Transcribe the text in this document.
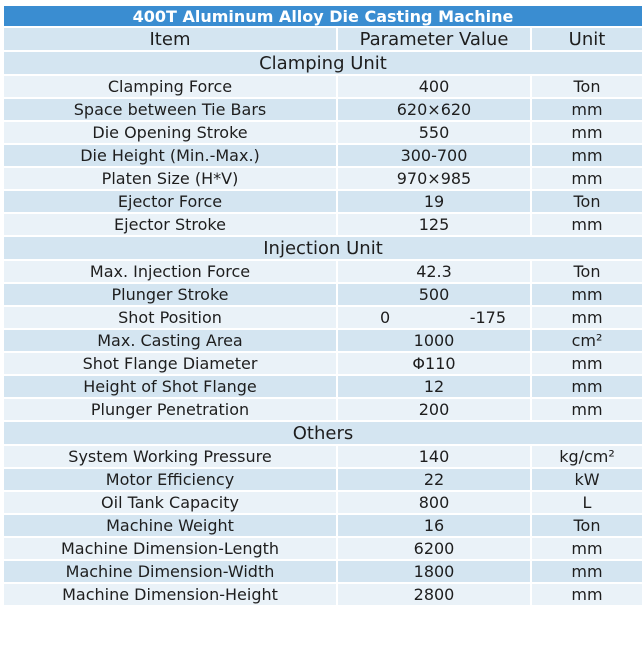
400T Aluminum Alloy Die Casting Machine		
Item	Parameter Value	Unit
Clamping Unit		
Clamping Force	400	Ton
Space between Tie Bars	620×620	mm
Die Opening Stroke	550	mm
Die Height (Min.-Max.)	300-700	mm
Platen Size (H*V)	970×985	mm
Ejector Force	19	Ton
Ejector Stroke	125	mm
Injection Unit		
Max. Injection Force	42.3	Ton
Plunger Stroke	500	mm
Shot Position	0 -175	mm
Max. Casting Area	1000	cm²
Shot Flange Diameter	Φ110	mm
Height of Shot Flange	12	mm
Plunger Penetration	200	mm
Others		
System Working Pressure	140	kg/cm²
Motor Efficiency	22	kW
Oil Tank Capacity	800	L
Machine Weight	16	Ton
Machine Dimension-Length	6200	mm
Machine Dimension-Width	1800	mm
Machine Dimension-Height	2800	mm
